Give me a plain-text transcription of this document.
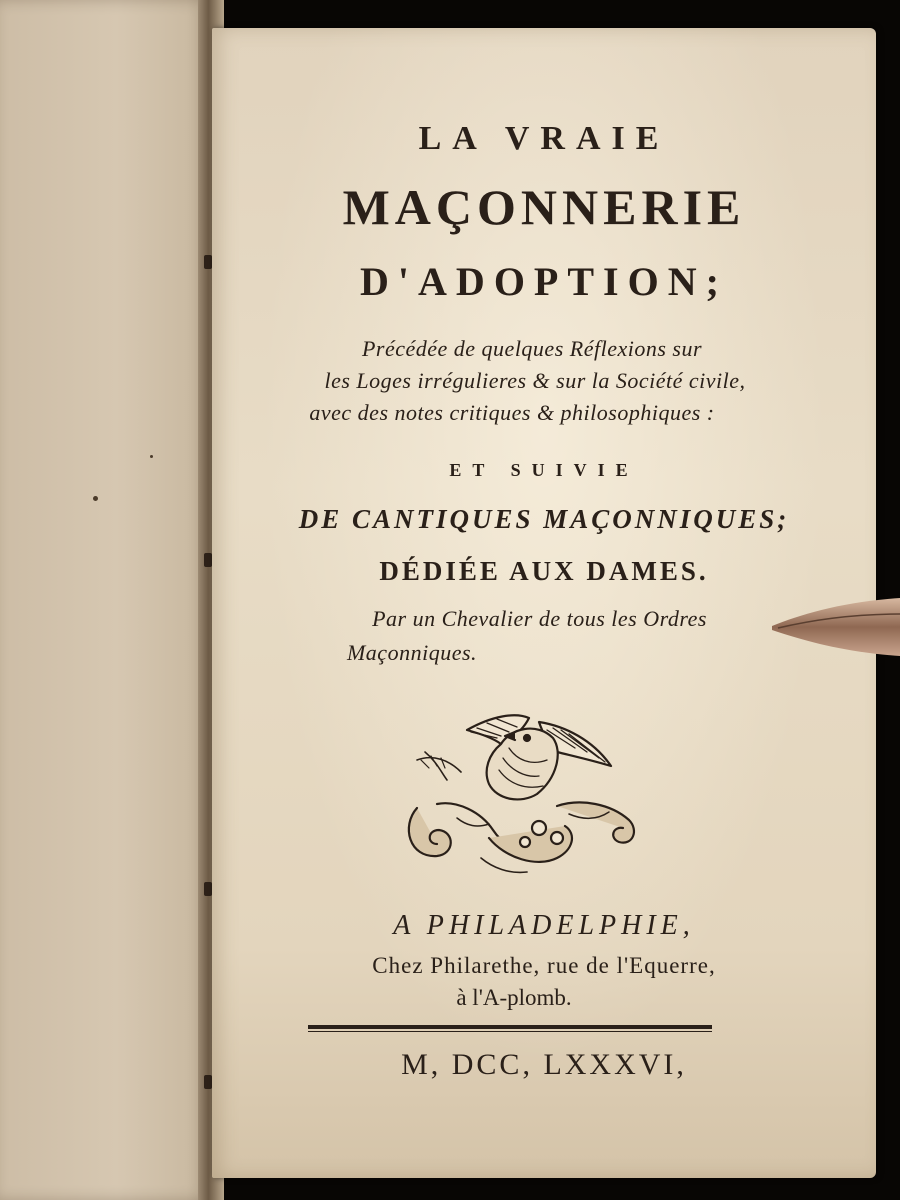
LA VRAIE
MAÇONNERIE
D'ADOPTION;
Précédée de quelques Réflexions sur
les Loges irrégulieres & sur la Société civile,
avec des notes critiques & philosophiques :
ET SUIVIE
DE CANTIQUES MAÇONNIQUES;
DÉDIÉE AUX DAMES.
Par un Chevalier de tous les Ordres
Maçonniques.
A PHILADELPHIE,
Chez Philarethe, rue de l'Equerre,
à l'A-plomb.
M, DCC, LXXXVI,
